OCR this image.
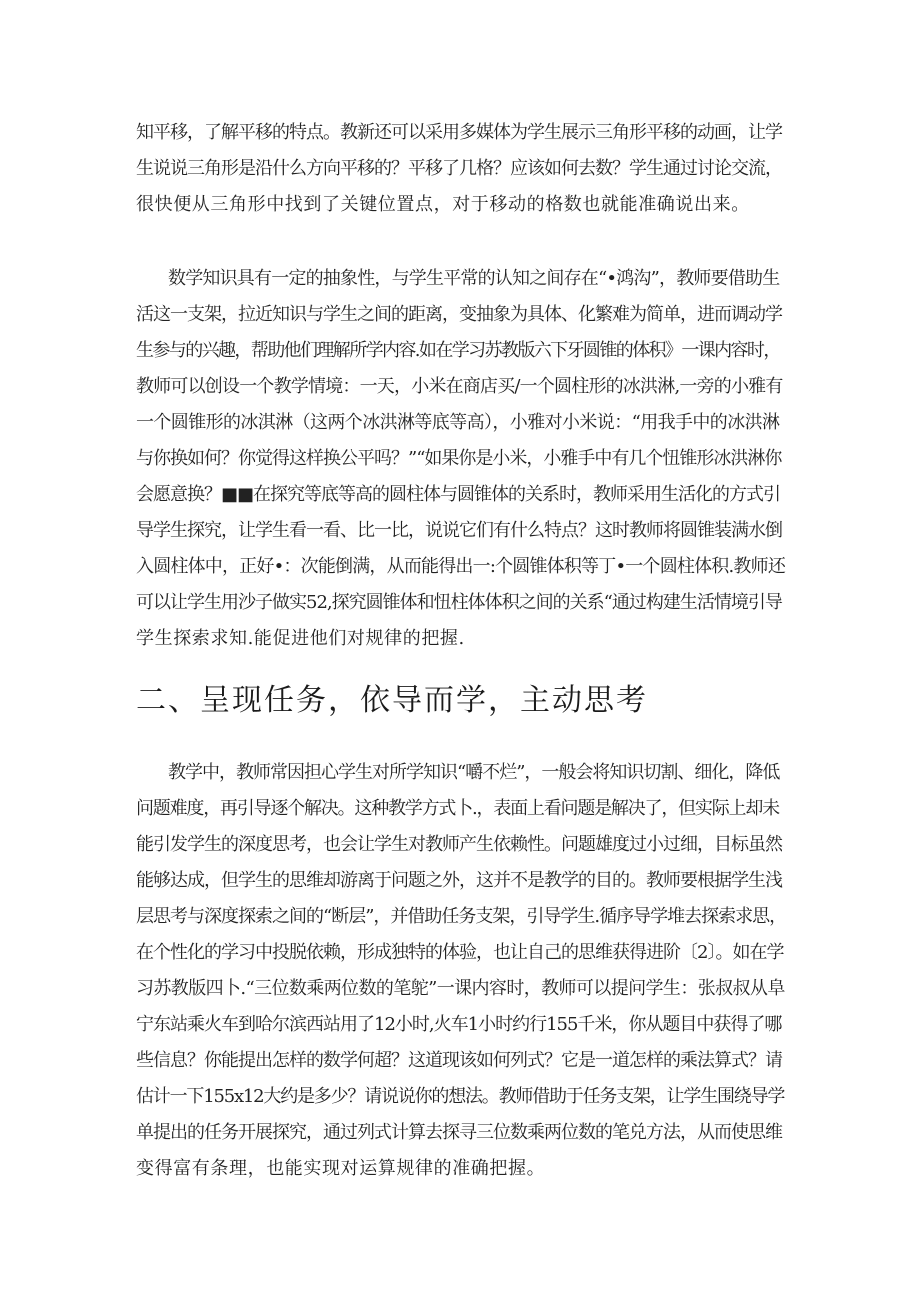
知平移，了解平移的特点。教新还可以采用多媒体为学生展示三角形平移的动画，让学
生说说三角形是沿什么方向平移的？平移了几格？应该如何去数？学生通过讨论交流，
很快便从三角形中找到了关键位置点，对于移动的格数也就能准确说出来。

数学知识具有一定的抽象性，与学生平常的认知之间存在“•鸿沟”，教师要借助生
活这一支架，拉近知识与学生之间的距离，变抽象为具体、化繁难为简单，进而调动学
生参与的兴趣，帮助他们理解所学内容.如在学习苏教版六下牙圆锥的体积》一课内容时，
教师可以创设一个教学情境：一天，小米在商店买/一个圆柱形的冰洪淋,一旁的小雅有
一个圆锥形的冰淇淋（这两个冰洪淋等底等高），小雅对小米说：“用我手中的冰洪淋
与你换如何？你觉得这样换公平吗？”“如果你是小米，小雅手中有几个忸锥形冰洪淋你
会愿意换？■■在探究等底等高的圆柱体与圆锥体的关系时，教师采用生活化的方式引
导学生探究，让学生看一看、比一比，说说它们有什么特点？这时教师将圆锥装满水倒
入圆柱体中，正好•：次能倒满，从而能得出一:个圆锥体积等丁•一个圆柱体积.教师还
可以让学生用沙子做实52,探究圆锥体和忸柱体体积之间的关系“通过构建生活情境引导
学生探索求知.能促进他们对规律的把握.

二、呈现任务，依导而学，主动思考

教学中，教师常因担心学生对所学知识“嚼不烂”，一般会将知识切割、细化，降低
问题难度，再引导逐个解决。这种教学方式卜.，表面上看问题是解决了，但实际上却未
能引发学生的深度思考，也会让学生对教师产生依赖性。问题雄度过小过细，目标虽然
能够达成，但学生的思维却游离于问题之外，这并不是教学的目的。教师要根据学生浅
层思考与深度探索之间的“断层”，并借助任务支架，引导学生.循序导学堆去探索求思，
在个性化的学习中投脱依赖，形成独特的体验，也让自己的思维获得进阶〔2〕。如在学
习苏教版四卜.“三位数乘两位数的笔鸵”一课内容时，教师可以提问学生：张叔叔从阜
宁东站乘火车到哈尔滨西站用了12小时,火车1小时约行155千米，你从题目中获得了哪
些信息？你能提出怎样的数学何超？这道现该如何列式？它是一道怎样的乘法算式？请
估计一下155x12大约是多少？请说说你的想法。教师借助于任务支架，让学生围绕导学
单提出的任务开展探究，通过列式计算去探寻三位数乘两位数的笔兑方法，从而使思维
变得富有条理，也能实现对运算规律的准确把握。
